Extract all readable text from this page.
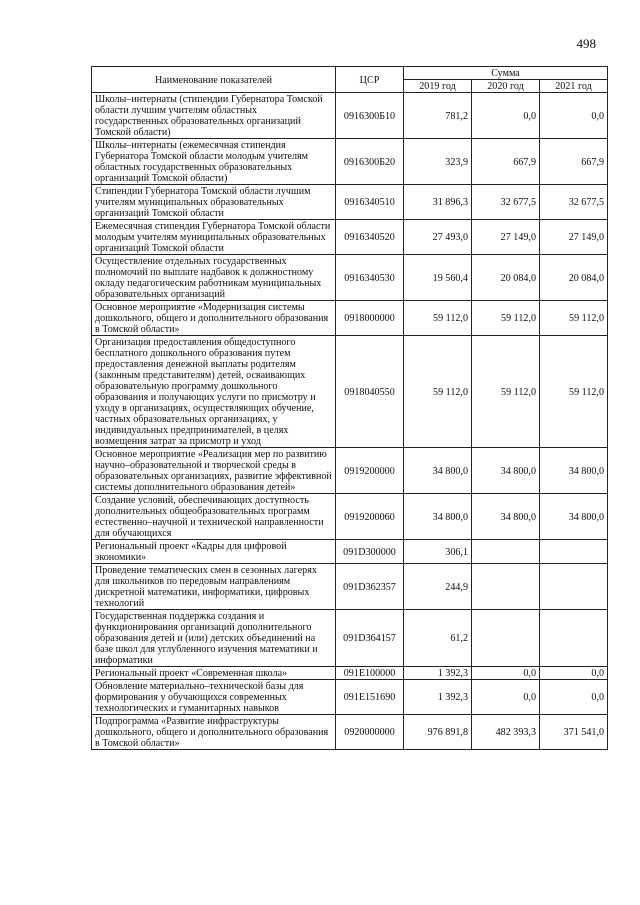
498
Наименование показателей	ЦСР	Сумма		
		2019 год	2020 год	2021 год
Школы–интернаты (стипендии Губернатора Томской области лучшим учителям областных государственных образовательных организаций Томской области)	0916300Б10	781,2	0,0	0,0
Школы–интернаты (ежемесячная стипендия Губернатора Томской области молодым учителям областных государственных образовательных организаций Томской области)	0916300Б20	323,9	667,9	667,9
Стипендии Губернатора Томской области лучшим учителям муниципальных образовательных организаций Томской области	0916340510	31 896,3	32 677,5	32 677,5
Ежемесячная стипендия Губернатора Томской области молодым учителям муниципальных образовательных организаций Томской области	0916340520	27 493,0	27 149,0	27 149,0
Осуществление отдельных государственных полномочий по выплате надбавок к должностному окладу педагогическим работникам муниципальных образовательных организаций	0916340530	19 560,4	20 084,0	20 084,0
Основное мероприятие «Модернизация системы дошкольного, общего и дополнительного образования в Томской области»	0918000000	59 112,0	59 112,0	59 112,0
Организация предоставления общедоступного бесплатного дошкольного образования путем предоставления денежной выплаты родителям (законным представителям) детей, осваивающих образовательную программу дошкольного образования и получающих услуги по присмотру и уходу в организациях, осуществляющих обучение, частных образовательных организациях, у индивидуальных предпринимателей, в целях возмещения затрат за присмотр и уход	0918040550	59 112,0	59 112,0	59 112,0
Основное мероприятие «Реализация мер по развитию научно–образовательной и творческой среды в образовательных организациях, развитие эффективной системы дополнительного образования детей»	0919200000	34 800,0	34 800,0	34 800,0
Создание условий, обеспечивающих доступность дополнительных общеобразовательных программ естественно–научной и технической направленности для обучающихся	0919200060	34 800,0	34 800,0	34 800,0
Региональный проект «Кадры для цифровой экономики»	091D300000	306,1		
Проведение тематических смен в сезонных лагерях для школьников по передовым направлениям дискретной математики, информатики, цифровых технологий	091D362357	244,9		
Государственная поддержка создания и функционирования организаций дополнительного образования детей и (или) детских объединений на базе школ для углубленного изучения математики и информатики	091D364157	61,2		
Региональный проект «Современная школа»	091E100000	1 392,3	0,0	0,0
Обновление материально–технической базы для формирования у обучающихся современных технологических и гуманитарных навыков	091E151690	1 392,3	0,0	0,0
Подпрограмма «Развитие инфраструктуры дошкольного, общего и дополнительного образования в Томской области»	0920000000	976 891,8	482 393,3	371 541,0
